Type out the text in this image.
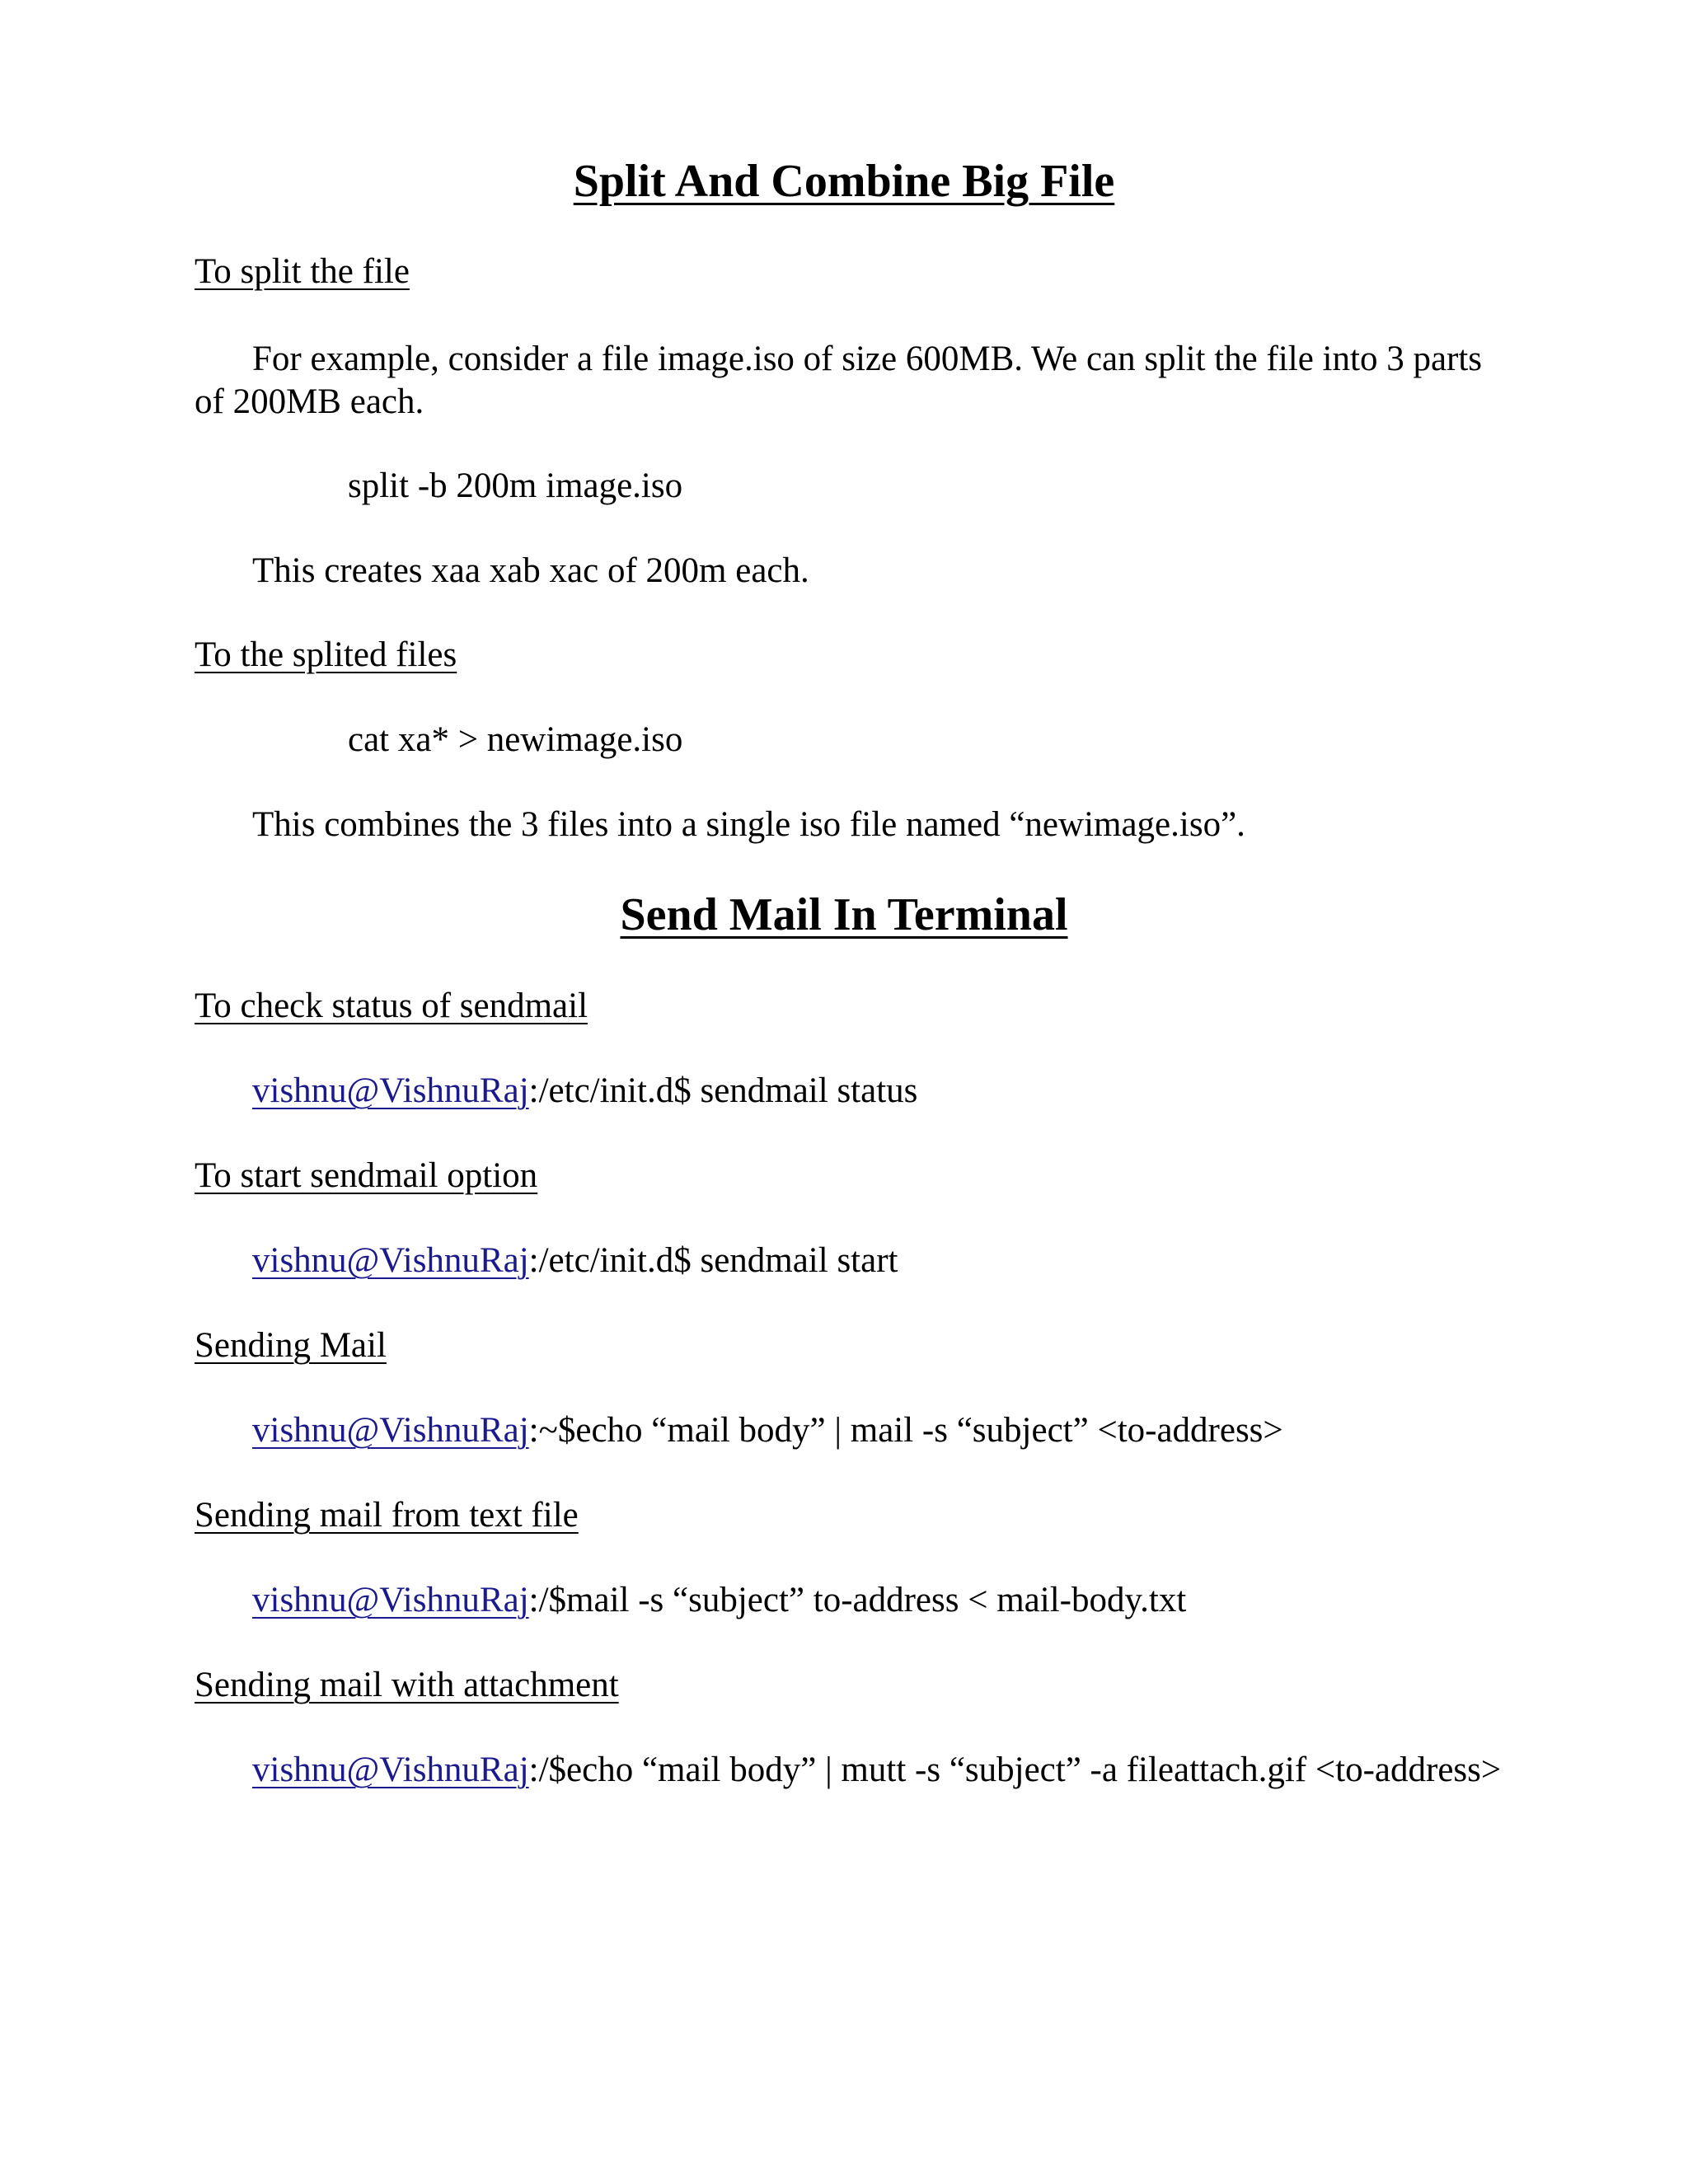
Split And Combine Big File
To split the file
For example, consider a file image.iso of size 600MB. We can split the file into 3 parts
of 200MB each.
split -b 200m image.iso
This creates xaa xab xac of 200m each.
To the splited files
cat xa* > newimage.iso
This combines the 3 files into a single iso file named “newimage.iso”.
Send Mail In Terminal
To check status of sendmail
vishnu@VishnuRaj:/etc/init.d$ sendmail status
To start sendmail option
vishnu@VishnuRaj:/etc/init.d$ sendmail start
Sending Mail
vishnu@VishnuRaj:~$echo “mail body” | mail -s “subject” <to-address>
Sending mail from text file
vishnu@VishnuRaj:/$mail -s “subject” to-address < mail-body.txt
Sending mail with attachment
vishnu@VishnuRaj:/$echo “mail body” | mutt -s “subject” -a fileattach.gif <to-address>
